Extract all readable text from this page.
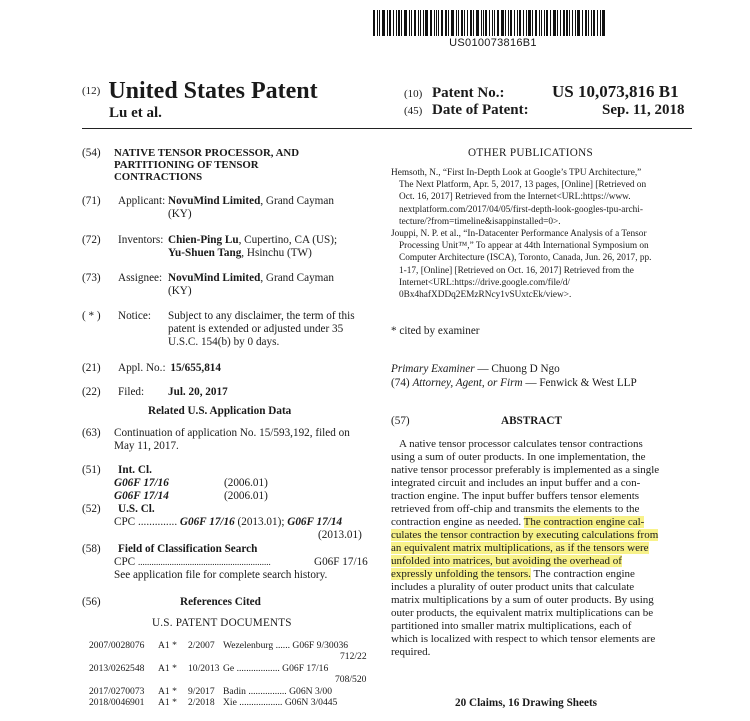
US010073816B1
$^{(12)}$ United States Patent
Lu et al.
(10) Patent No.:	US 10,073,816 B1
(45) Date of Patent:	Sep. 11, 2018
(54)	NATIVE TENSOR PROCESSOR, AND
PARTITIONING OF TENSOR
CONTRACTIONS
(71) Applicant: NovuMind Limited, Grand Cayman
(KY)
(72) Inventors: Chien-Ping Lu, Cupertino, CA (US);
Yu-Shuen Tang, Hsinchu (TW)
(73) Assignee: NovuMind Limited, Grand Cayman
(KY)
( * ) Notice: Subject to any disclaimer, the term of this
patent is extended or adjusted under 35
U.S.C. 154(b) by 0 days.
(21) Appl. No.: 15/655,814
(22) Filed: Jul. 20, 2017
Related U.S. Application Data
(63)	Continuation of application No. 15/593,192, filed on
May 11, 2017.
(51) Int. Cl.
G06F 17/16	(2006.01)
G06F 17/14	(2006.01)
(52) U.S. Cl.
CPC .............. G06F 17/16 (2013.01); G06F 17/14
(2013.01)
(58) Field of Classification Search
CPC ...........................................................	G06F 17/16
See application file for complete search history.
(56)	References Cited
U.S. PATENT DOCUMENTS
2007/0028076 A1 * 2/2007 Wezelenburg ...... G06F 9/30036
712/22
2013/0262548 A1 * 10/2013 Ge .................. G06F 17/16
708/520
2017/0270073 A1 * 9/2017 Badin ................ G06N 3/00
2018/0046901 A1 * 2/2018 Xie .................. G06N 3/0445
OTHER PUBLICATIONS
Hemsoth, N., “First In-Depth Look at Google’s TPU Architecture,”
The Next Platform, Apr. 5, 2017, 13 pages, [Online] [Retrieved on
Oct. 16, 2017] Retrieved from the Internet<URL:https://www.
nextplatform.com/2017/04/05/first-depth-look-googles-tpu-archi-
tecture/?from=timeline&isappinstalled=0>.
Jouppi, N. P. et al., “In-Datacenter Performance Analysis of a Tensor
Processing Unit™,” To appear at 44th International Symposium on
Computer Architecture (ISCA), Toronto, Canada, Jun. 26, 2017, pp.
1-17, [Online] [Retrieved on Oct. 16, 2017] Retrieved from the
Internet<URL:https://drive.google.com/file/d/
0Bx4hafXDDq2EMzRNcy1vSUxtcEk/view>.
* cited by examiner
Primary Examiner — Chuong D Ngo
(74) Attorney, Agent, or Firm — Fenwick & West LLP
(57)	ABSTRACT
A native tensor processor calculates tensor contractions
using a sum of outer products. In one implementation, the
native tensor processor preferably is implemented as a single
integrated circuit and includes an input buffer and a con-
traction engine. The input buffer buffers tensor elements
retrieved from off-chip and transmits the elements to the
contraction engine as needed. The contraction engine cal-
culates the tensor contraction by executing calculations from
an equivalent matrix multiplications, as if the tensors were
unfolded into matrices, but avoiding the overhead of
expressly unfolding the tensors. The contraction engine
includes a plurality of outer product units that calculate
matrix multiplications by a sum of outer products. By using
outer products, the equivalent matrix multiplications can be
partitioned into smaller matrix multiplications, each of
which is localized with respect to which tensor elements are
required.
20 Claims, 16 Drawing Sheets
